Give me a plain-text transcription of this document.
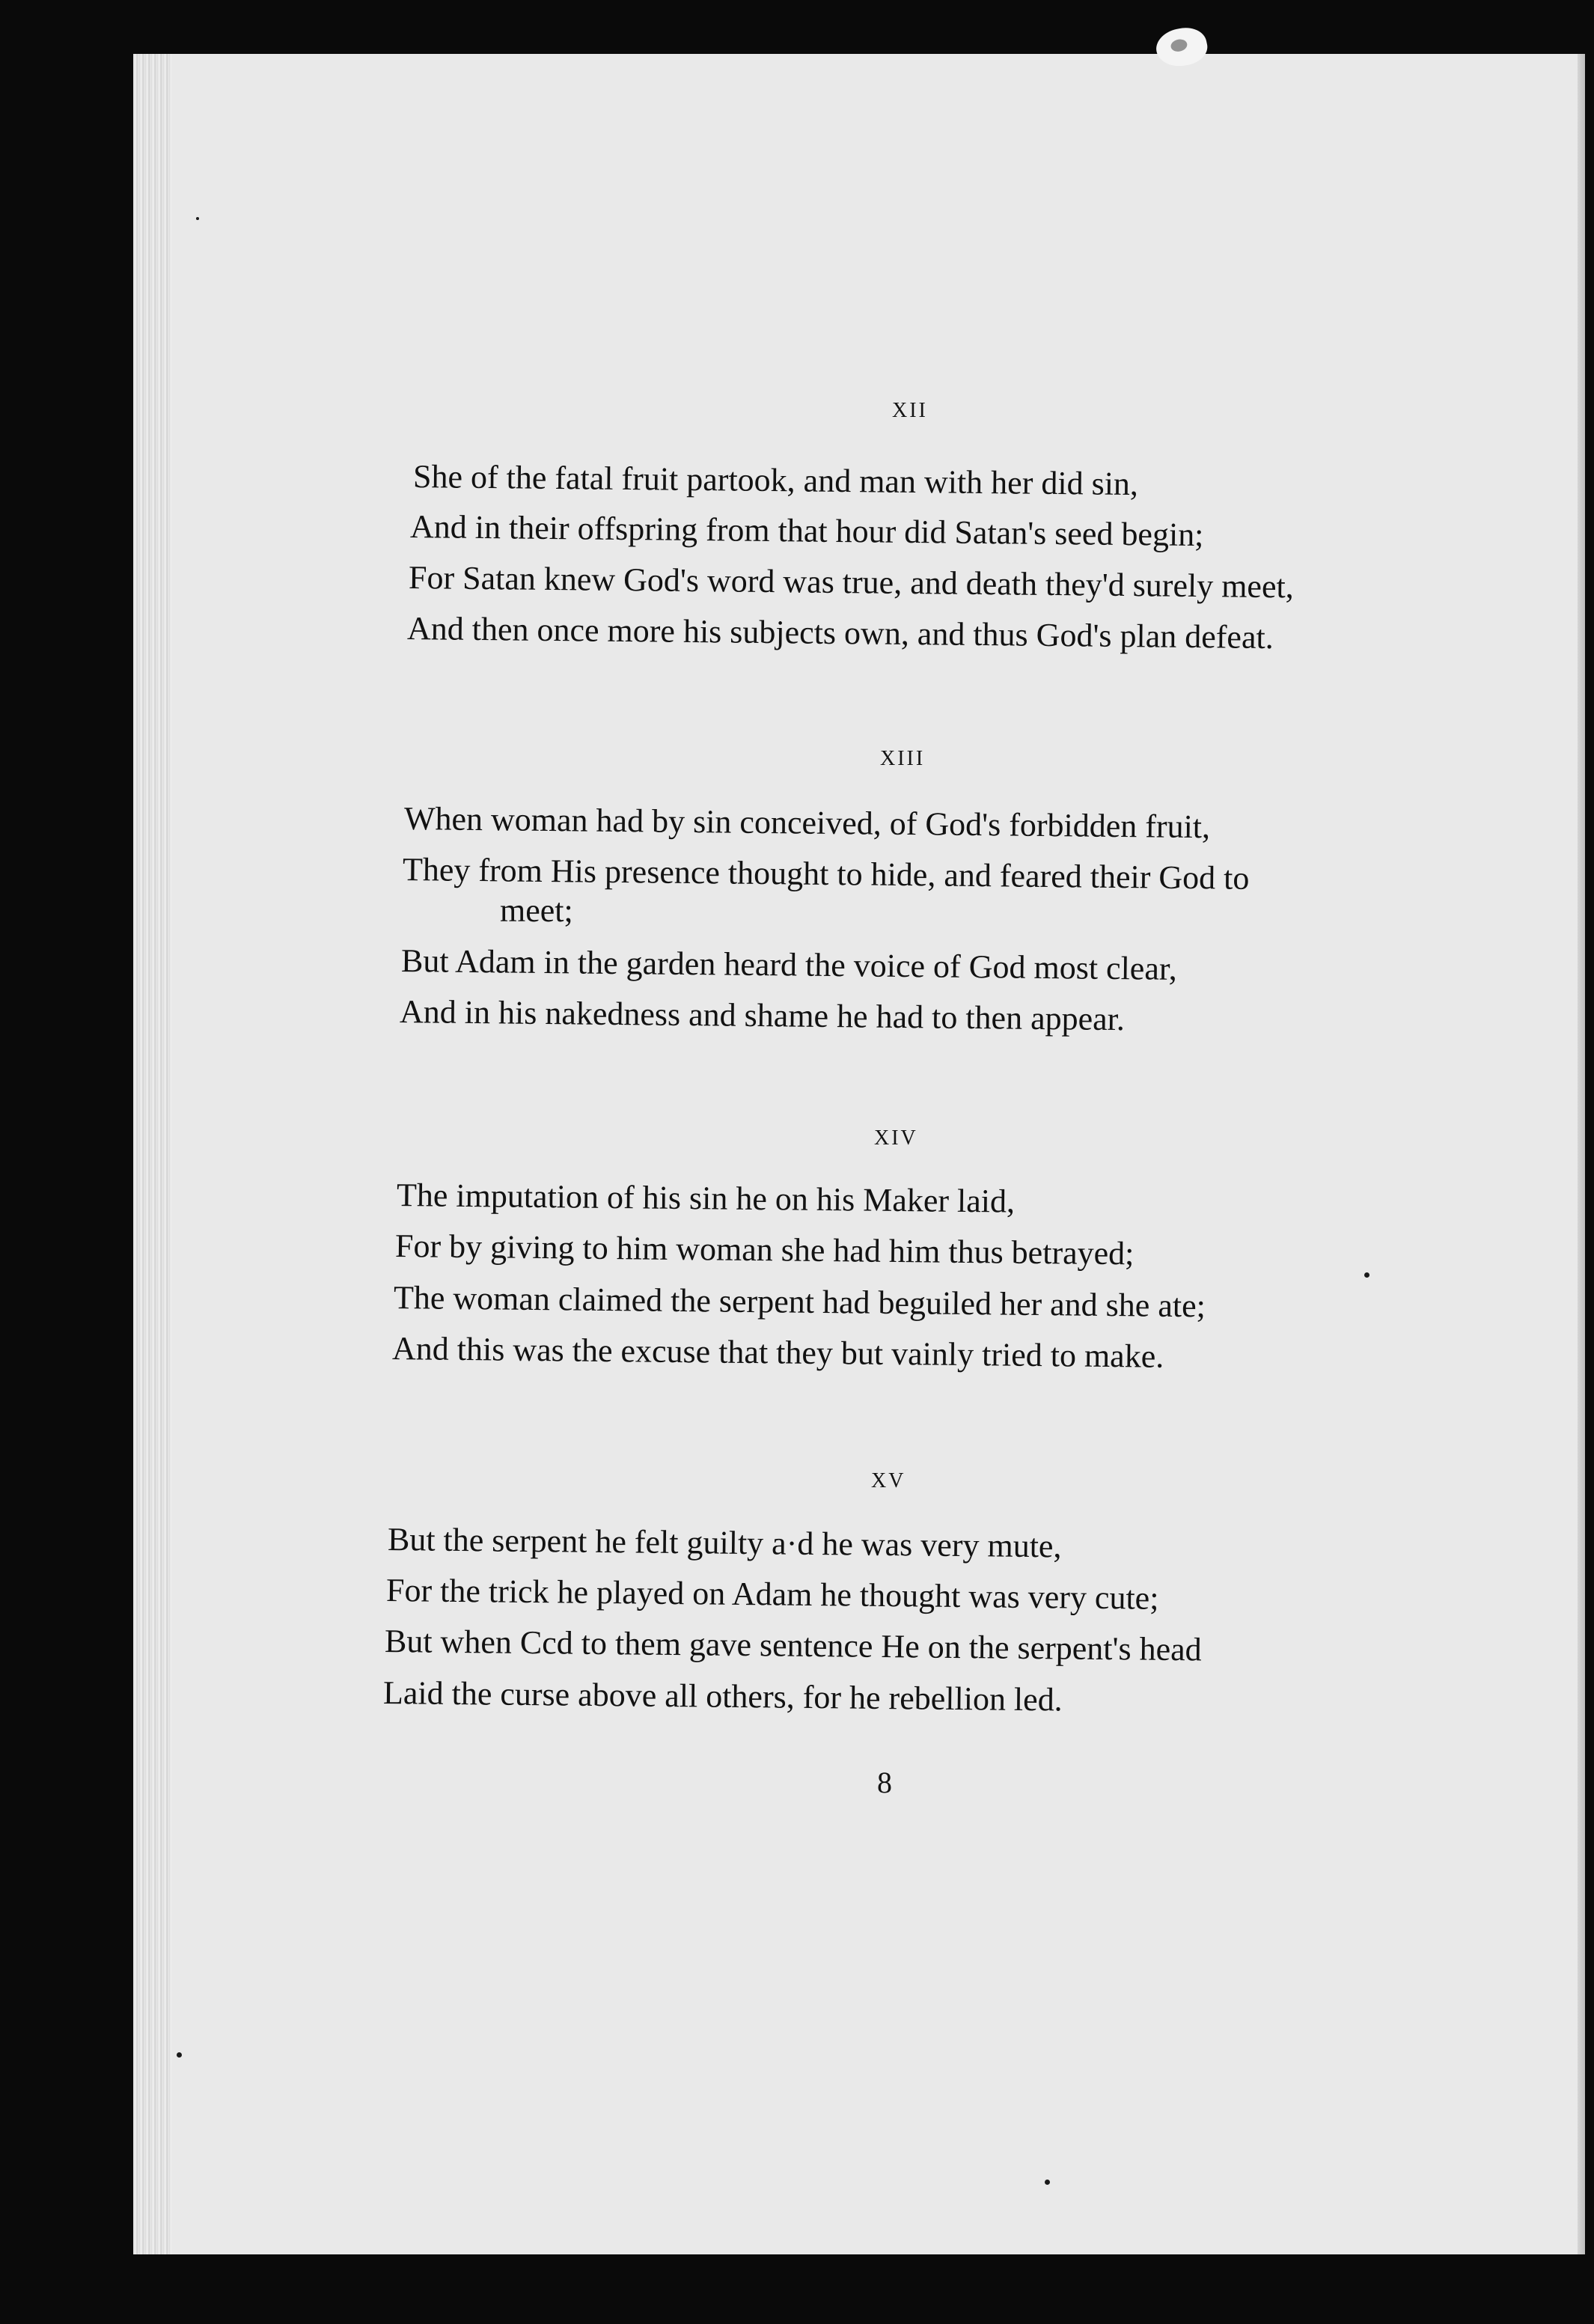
xii
She of the fatal fruit partook, and man with her did sin,
And in their offspring from that hour did Satan's seed begin;
For Satan knew God's word was true, and death they'd surely meet,
And then once more his subjects own, and thus God's plan defeat.
xiii
When woman had by sin conceived, of God's forbidden fruit,
They from His presence thought to hide, and feared their God to
meet;
But Adam in the garden heard the voice of God most clear,
And in his nakedness and shame he had to then appear.
xiv
The imputation of his sin he on his Maker laid,
For by giving to him woman she had him thus betrayed;
The woman claimed the serpent had beguiled her and she ate;
And this was the excuse that they but vainly tried to make.
xv
But the serpent he felt guilty a·d he was very mute,
For the trick he played on Adam he thought was very cute;
But when Ccd to them gave sentence He on the serpent's head
Laid the curse above all others, for he rebellion led.
8
